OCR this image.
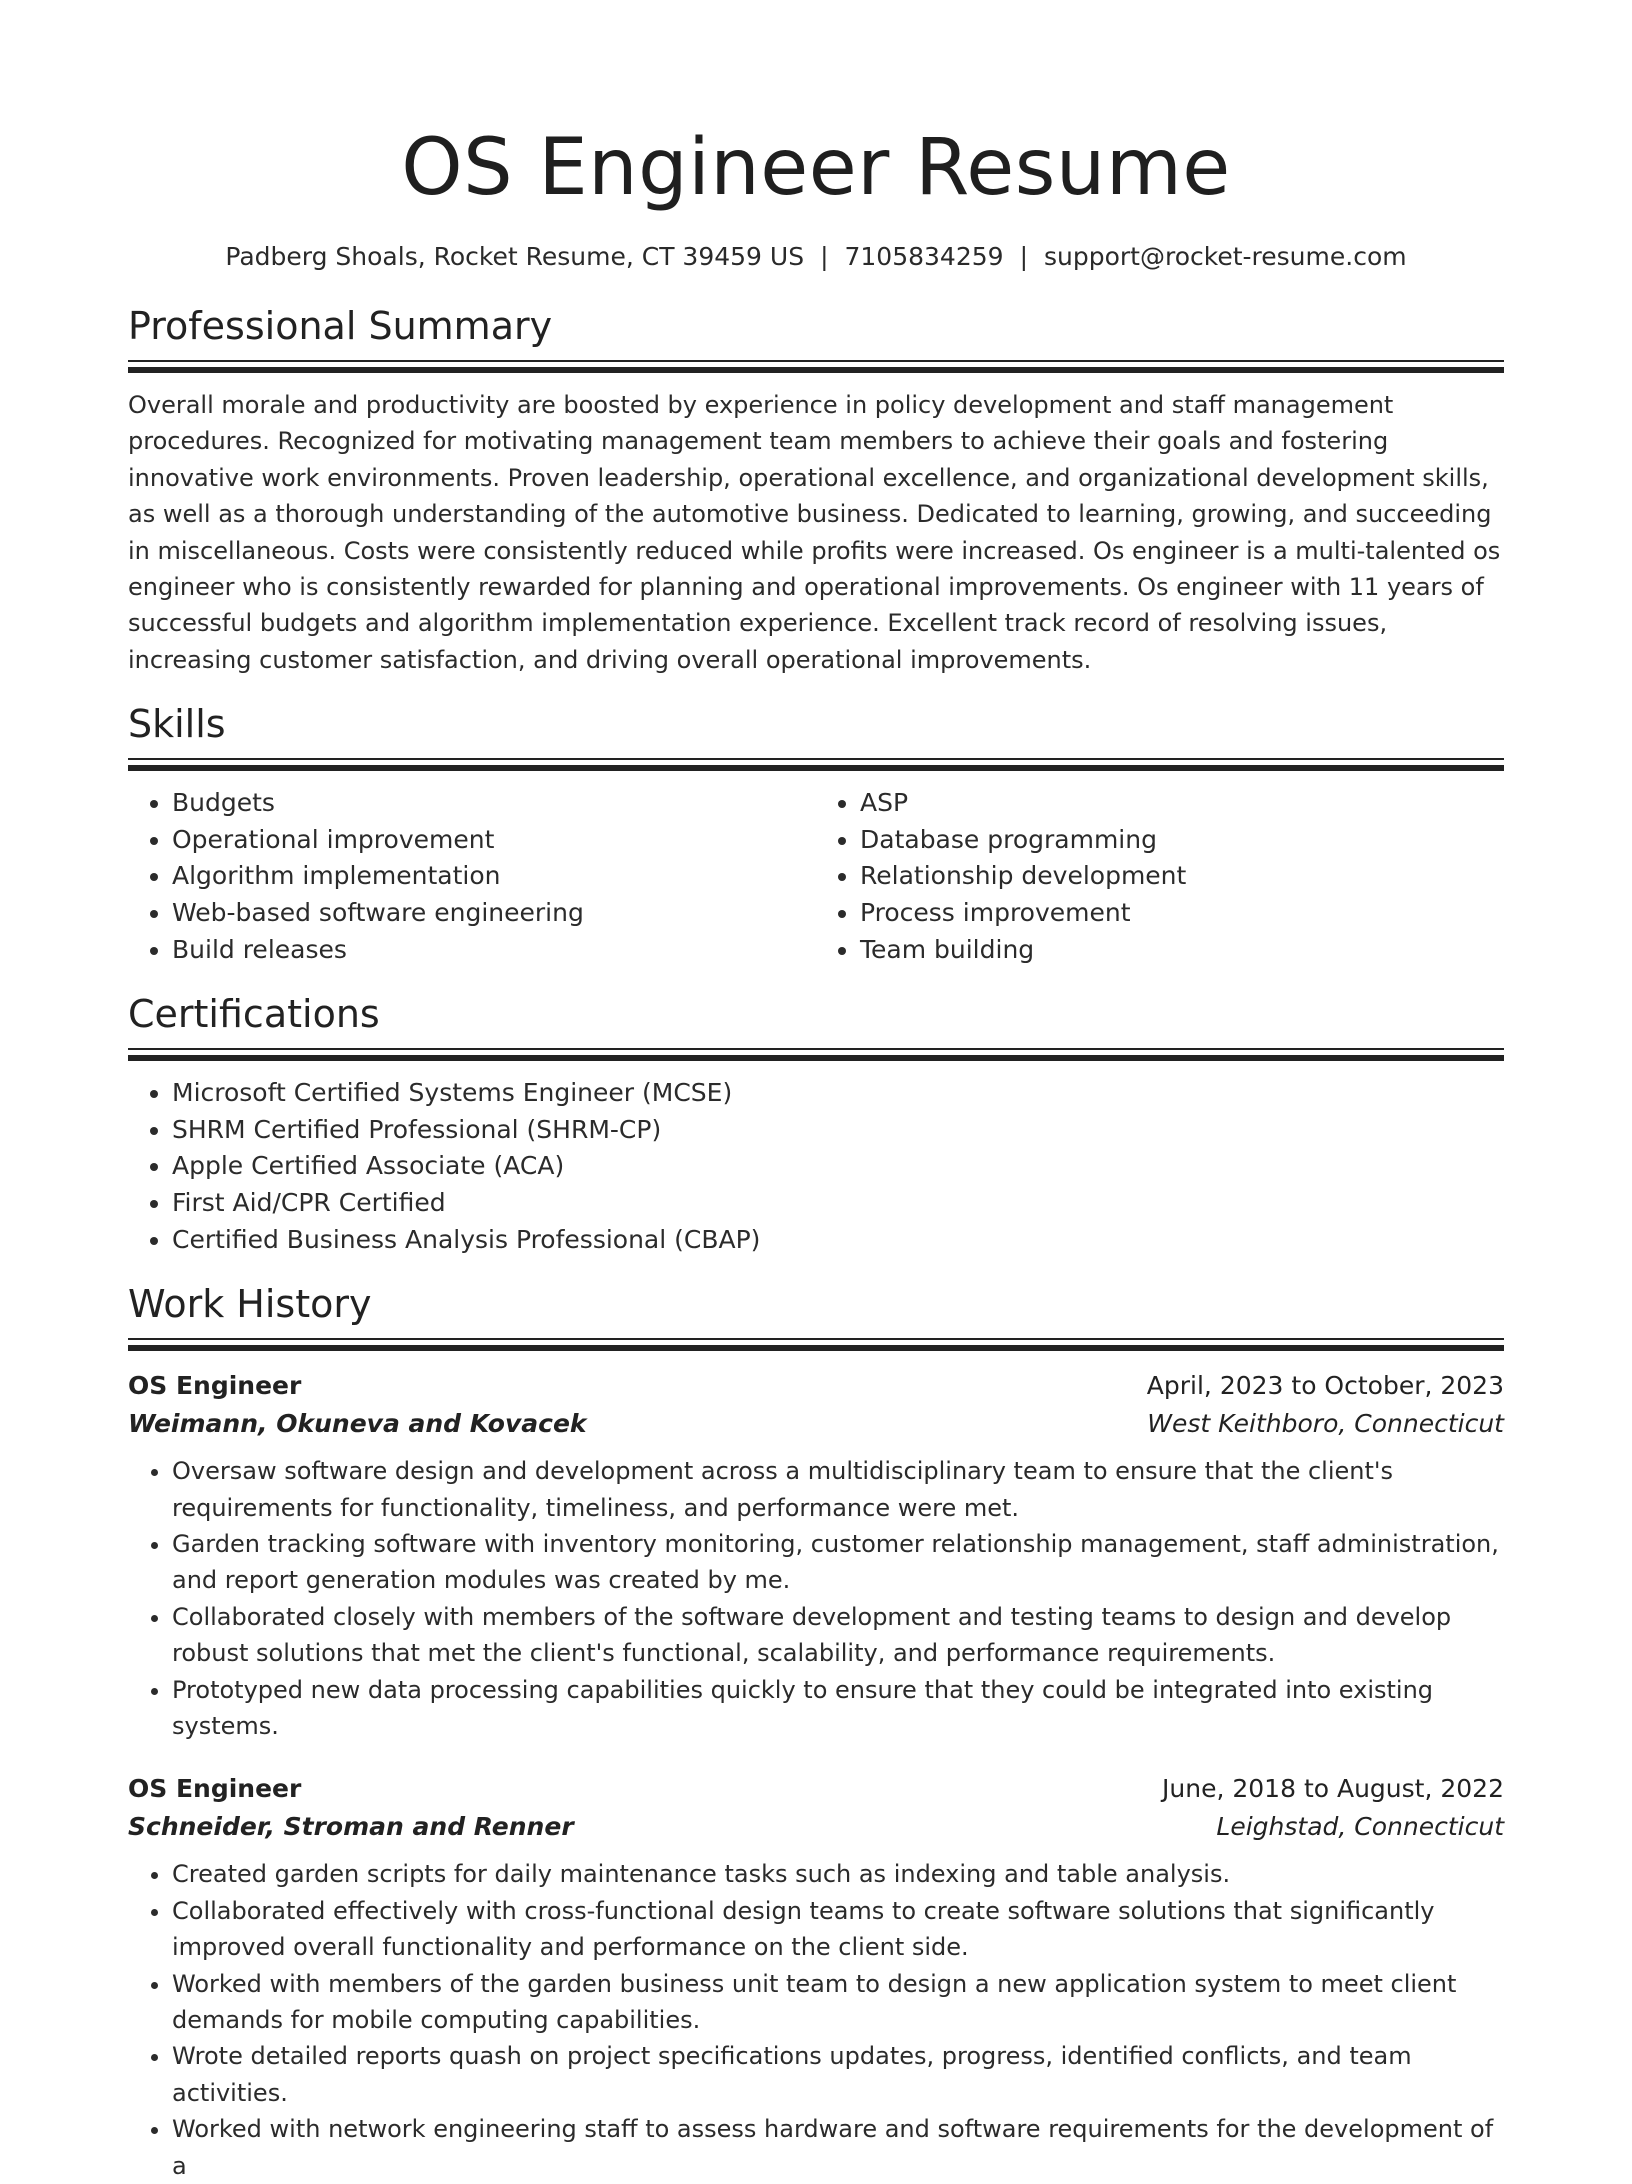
OS Engineer Resume
Padberg Shoals, Rocket Resume, CT 39459 US | 7105834259 | support@rocket-resume.com
Professional Summary

Overall morale and productivity are boosted by experience in policy development and staff management procedures. Recognized for motivating management team members to achieve their goals and fostering innovative work environments. Proven leadership, operational excellence, and organizational development skills, as well as a thorough understanding of the automotive business. Dedicated to learning, growing, and succeeding in miscellaneous. Costs were consistently reduced while profits were increased. Os engineer is a multi-talented os engineer who is consistently rewarded for planning and operational improvements. Os engineer with 11 years of successful budgets and algorithm implementation experience. Excellent track record of resolving issues, increasing customer satisfaction, and driving overall operational improvements.

Skills
• Budgets
• Operational improvement
• Algorithm implementation
• Web-based software engineering
• Build releases
• ASP
• Database programming
• Relationship development
• Process improvement
• Team building
Certifications
• Microsoft Certified Systems Engineer (MCSE)
• SHRM Certified Professional (SHRM-CP)
• Apple Certified Associate (ACA)
• First Aid/CPR Certified
• Certified Business Analysis Professional (CBAP)
Work History
OS Engineer	April, 2023 to October, 2023
Weimann, Okuneva and Kovacek	West Keithboro, Connecticut
• Oversaw software design and development across a multidisciplinary team to ensure that the client's requirements for functionality, timeliness, and performance were met.
• Garden tracking software with inventory monitoring, customer relationship management, staff administration, and report generation modules was created by me.
• Collaborated closely with members of the software development and testing teams to design and develop robust solutions that met the client's functional, scalability, and performance requirements.
• Prototyped new data processing capabilities quickly to ensure that they could be integrated into existing systems.
OS Engineer	June, 2018 to August, 2022
Schneider, Stroman and Renner	Leighstad, Connecticut
• Created garden scripts for daily maintenance tasks such as indexing and table analysis.
• Collaborated effectively with cross-functional design teams to create software solutions that significantly improved overall functionality and performance on the client side.
• Worked with members of the garden business unit team to design a new application system to meet client demands for mobile computing capabilities.
• Wrote detailed reports quash on project specifications updates, progress, identified conflicts, and team activities.
• Worked with network engineering staff to assess hardware and software requirements for the development of a
